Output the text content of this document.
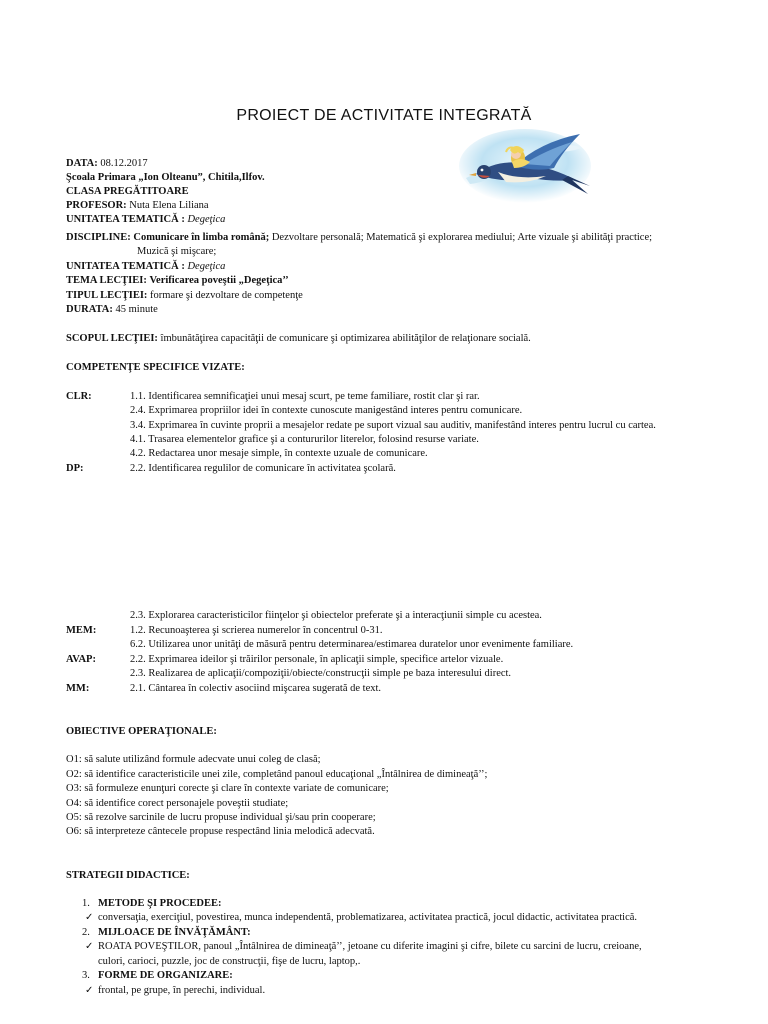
PROIECT DE ACTIVITATE INTEGRATĂ
DATA: 08.12.2017
Şcoala Primara „Ion Olteanu”, Chitila,Ilfov.
CLASA PREGĂTITOARE
PROFESOR: Nuta Elena Liliana
UNITATEA TEMATICĂ : Degeţica
DISCIPLINE: Comunicare în limba română; Dezvoltare personală; Matematică şi explorarea mediului; Arte vizuale şi abilităţi practice;
Muzică şi mişcare;
UNITATEA TEMATICĂ : Degeţica
TEMA LECŢIEI: Verificarea poveştii „Degeţica’’
TIPUL LECŢIEI: formare şi dezvoltare de competenţe
DURATA: 45 minute
SCOPUL LECŢIEI: îmbunătăţirea capacităţii de comunicare şi optimizarea abilităţilor de relaţionare socială.
COMPETENŢE SPECIFICE VIZATE:
CLR:	1.1. Identificarea semnificaţiei unui mesaj scurt, pe teme familiare, rostit clar şi rar.
2.4. Exprimarea propriilor idei în contexte cunoscute manigestând interes pentru comunicare.
3.4. Exprimarea în cuvinte proprii a mesajelor redate pe suport vizual sau auditiv, manifestând interes pentru lucrul cu cartea.
4.1. Trasarea elementelor grafice şi a contururilor literelor, folosind resurse variate.
4.2. Redactarea unor mesaje simple, în contexte uzuale de comunicare.
DP:	2.2. Identificarea regulilor de comunicare în activitatea şcolară.
2.3. Explorarea caracteristicilor fiinţelor şi obiectelor preferate şi a interacţiunii simple cu acestea.
MEM:	1.2. Recunoaşterea şi scrierea numerelor în concentrul 0-31.
6.2. Utilizarea unor unităţi de măsură pentru determinarea/estimarea duratelor unor evenimente familiare.
AVAP:	2.2. Exprimarea ideilor şi trăirilor personale, în aplicaţii simple, specifice artelor vizuale.
2.3. Realizarea de aplicaţii/compoziţii/obiecte/construcţii simple pe baza interesului direct.
MM:	2.1. Cântarea în colectiv asociind mişcarea sugerată de text.
OBIECTIVE OPERAŢIONALE:
O1: să salute utilizând formule adecvate unui coleg de clasă;
O2: să identifice caracteristicile unei zile, completând panoul educaţional „Întâlnirea de dimineaţă’’;
O3: să formuleze enunţuri corecte şi clare în contexte variate de comunicare;
O4: să identifice corect personajele poveştii studiate;
O5: să rezolve sarcinile de lucru propuse individual şi/sau prin cooperare;
O6: să interpreteze cântecele propuse respectând linia melodică adecvată.
STRATEGII DIDACTICE:
1. METODE ŞI PROCEDEE:
✓ conversaţia, exerciţiul, povestirea, munca independentă, problematizarea, activitatea practică, jocul didactic, activitatea practică.
2. MIJLOACE DE ÎNVĂŢĂMÂNT:
✓ ROATA POVEŞTILOR, panoul „Întâlnirea de dimineaţă’’, jetoane cu diferite imagini şi cifre, bilete cu sarcini de lucru, creioane,
culori, carioci, puzzle, joc de construcţii, fişe de lucru, laptop,.
3. FORME DE ORGANIZARE:
✓ frontal, pe grupe, în perechi, individual.
